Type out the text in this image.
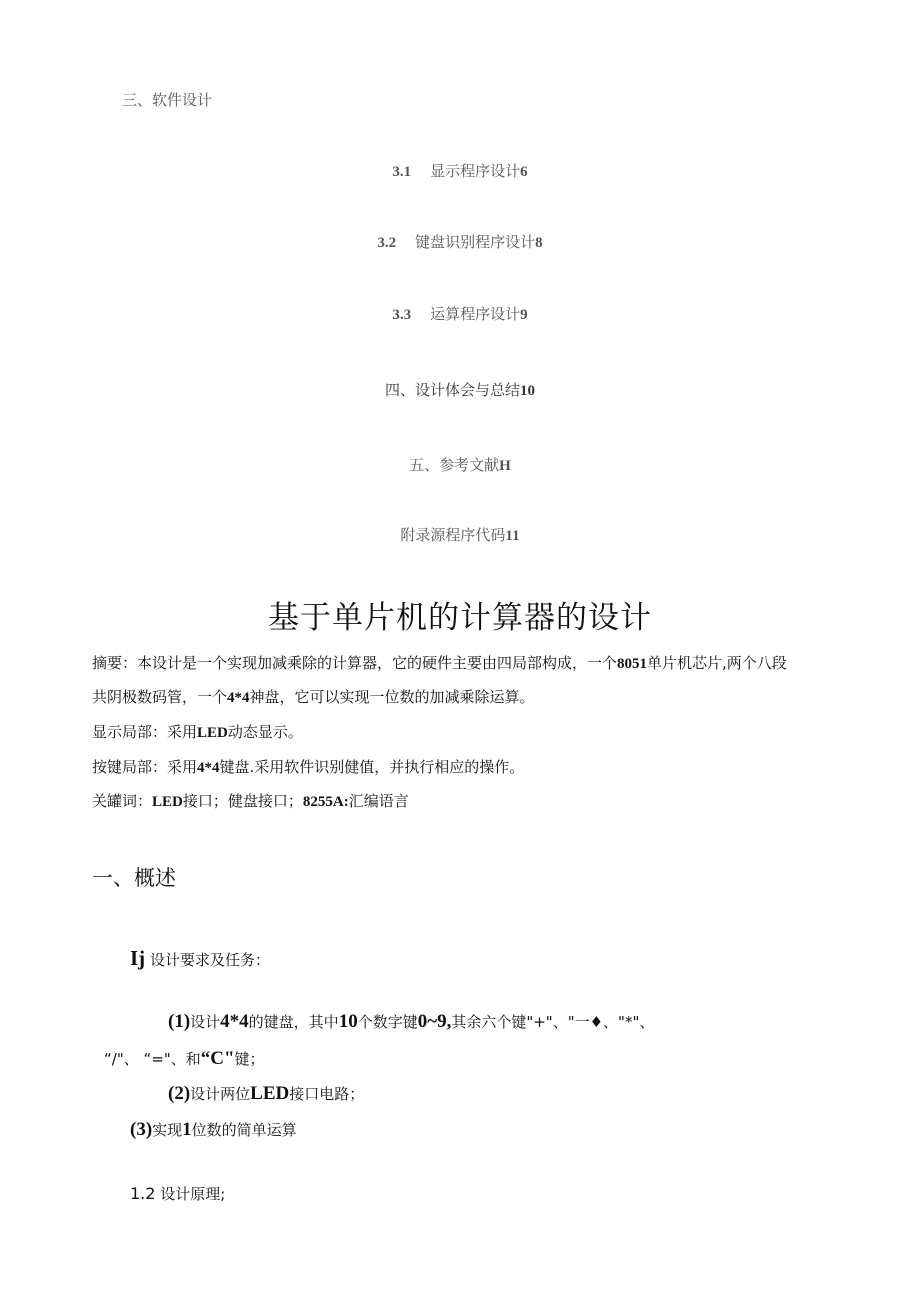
三、软件设计
3.1 显示程序设计6
3.2 键盘识别程序设计8
3.3 运算程序设计9
四、设计体会与总结10
五、参考文献H
附录源程序代码11
基于单片机的计算器的设计
摘要：本设计是一个实现加减乘除的计算器，它的硬件主要由四局部构成，一个8051单片机芯片,两个八段
共阴极数码管，一个4*4神盘，它可以实现一位数的加减乘除运算。
显示局部：采用LED动态显示。
按键局部：采用4*4键盘.采用软件识别健值，并执行相应的操作。
关罐词：LED接口；健盘接口；8255A:汇编语言
一、概述
Ij 设计要求及任务：
(1)设计4*4的键盘，其中10个数字键0~9,其余六个键"+"、"一♦、"*"、
“/"、 “="、和“C"键；
(2)设计两位LED接口电路；
(3)实现1位数的简单运算
1.2 设计原理;
